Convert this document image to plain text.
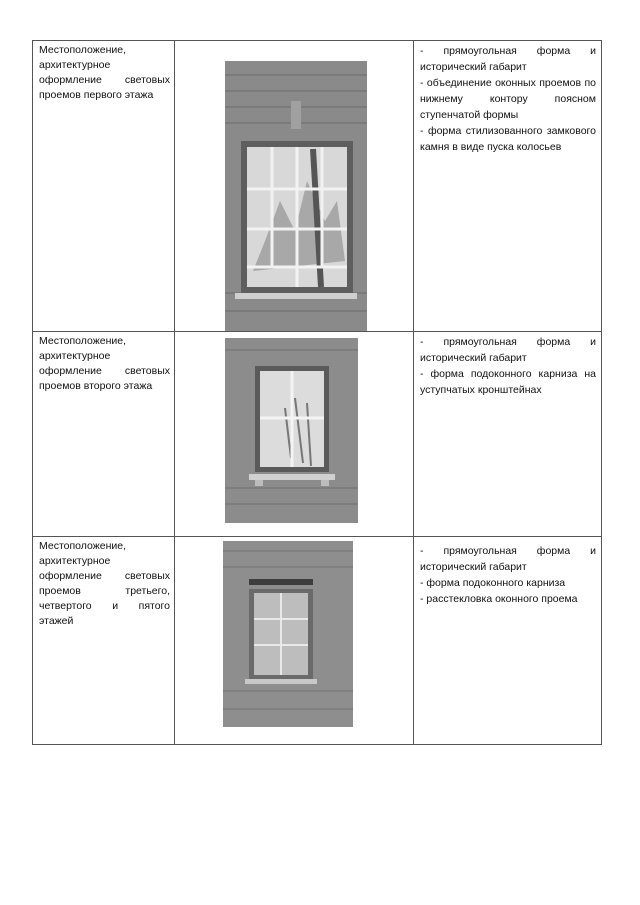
Местоположение, архитектурное оформление световых проемов первого этажа		- прямоугольная форма и исторический габарит
- объединение оконных проемов по нижнему контору поясном ступенчатой формы
- форма стилизованного замкового камня в виде пуска колосьев

Местоположение, архитектурное оформление световых проемов второго этажа		- прямоугольная форма и исторический габарит
- форма подоконного карниза на уступчатых кронштейнах

Местоположение, архитектурное оформление световых проемов третьего, четвертого и пятого этажей		- прямоугольная форма и исторический габарит
- форма подоконного карниза
- расстекловка оконного проема
